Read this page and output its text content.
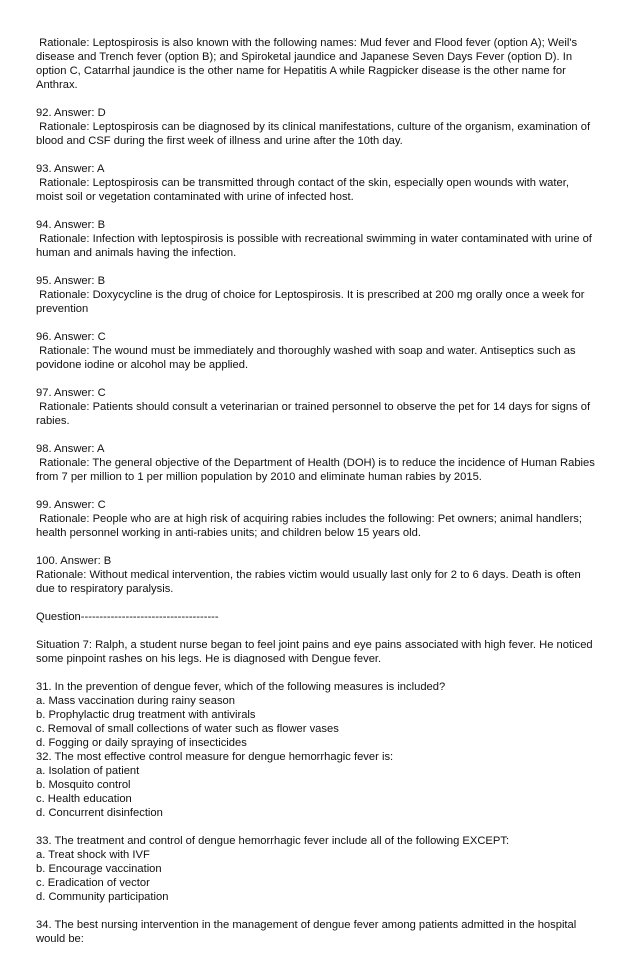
Rationale: Leptospirosis is also known with the following names: Mud fever and Flood fever (option A); Weil's disease and Trench fever (option B); and Spiroketal jaundice and Japanese Seven Days Fever (option D). In option C, Catarrhal jaundice is the other name for Hepatitis A while Ragpicker disease is the other name for Anthrax.
92. Answer: D
Rationale: Leptospirosis can be diagnosed by its clinical manifestations, culture of the organism, examination of blood and CSF during the first week of illness and urine after the 10th day.
93. Answer: A
Rationale: Leptospirosis can be transmitted through contact of the skin, especially open wounds with water, moist soil or vegetation contaminated with urine of infected host.
94. Answer: B
Rationale: Infection with leptospirosis is possible with recreational swimming in water contaminated with urine of human and animals having the infection.
95. Answer: B
Rationale: Doxycycline is the drug of choice for Leptospirosis. It is prescribed at 200 mg orally once a week for prevention
96. Answer: C
Rationale: The wound must be immediately and thoroughly washed with soap and water. Antiseptics such as povidone iodine or alcohol may be applied.
97. Answer: C
Rationale: Patients should consult a veterinarian or trained personnel to observe the pet for 14 days for signs of rabies.
98. Answer: A
Rationale: The general objective of the Department of Health (DOH) is to reduce the incidence of Human Rabies from 7 per million to 1 per million population by 2010 and eliminate human rabies by 2015.
99. Answer: C
Rationale: People who are at high risk of acquiring rabies includes the following: Pet owners; animal handlers; health personnel working in anti-rabies units; and children below 15 years old.
100. Answer: B
Rationale: Without medical intervention, the rabies victim would usually last only for 2 to 6 days. Death is often due to respiratory paralysis.
Question-------------------------------------
Situation 7: Ralph, a student nurse began to feel joint pains and eye pains associated with high fever. He noticed some pinpoint rashes on his legs. He is diagnosed with Dengue fever.
31. In the prevention of dengue fever, which of the following measures is included?
a. Mass vaccination during rainy season
b. Prophylactic drug treatment with antivirals
c. Removal of small collections of water such as flower vases
d. Fogging or daily spraying of insecticides
32. The most effective control measure for dengue hemorrhagic fever is:
a. Isolation of patient
b. Mosquito control
c. Health education
d. Concurrent disinfection
33. The treatment and control of dengue hemorrhagic fever include all of the following EXCEPT:
a. Treat shock with IVF
b. Encourage vaccination
c. Eradication of vector
d. Community participation
34. The best nursing intervention in the management of dengue fever among patients admitted in the hospital would be:
